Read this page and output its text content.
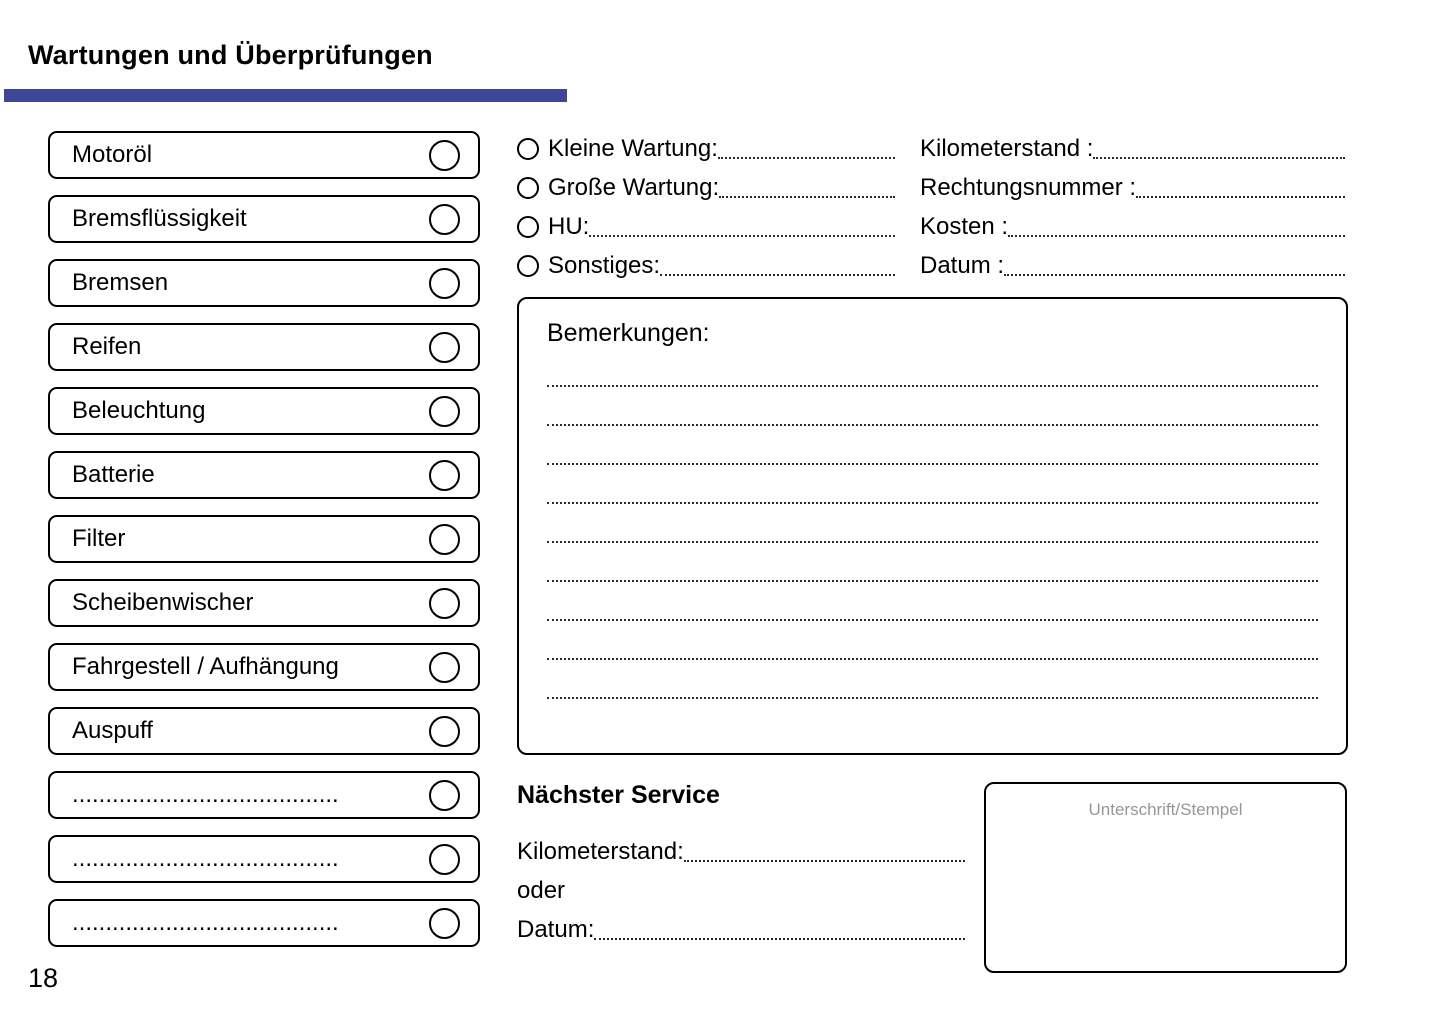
Wartungen und Überprüfungen
Motoröl
Bremsflüssigkeit
Bremsen
Reifen
Beleuchtung
Batterie
Filter
Scheibenwischer
Fahrgestell / Aufhängung
Auspuff
........................................
........................................
........................................
Kleine Wartung:
Große Wartung:
HU:
Sonstiges:
Kilometerstand :
Rechtungsnummer :
Kosten :
Datum :
Bemerkungen:
Nächster Service
Kilometerstand:
oder
Datum:
Unterschrift/Stempel
18
